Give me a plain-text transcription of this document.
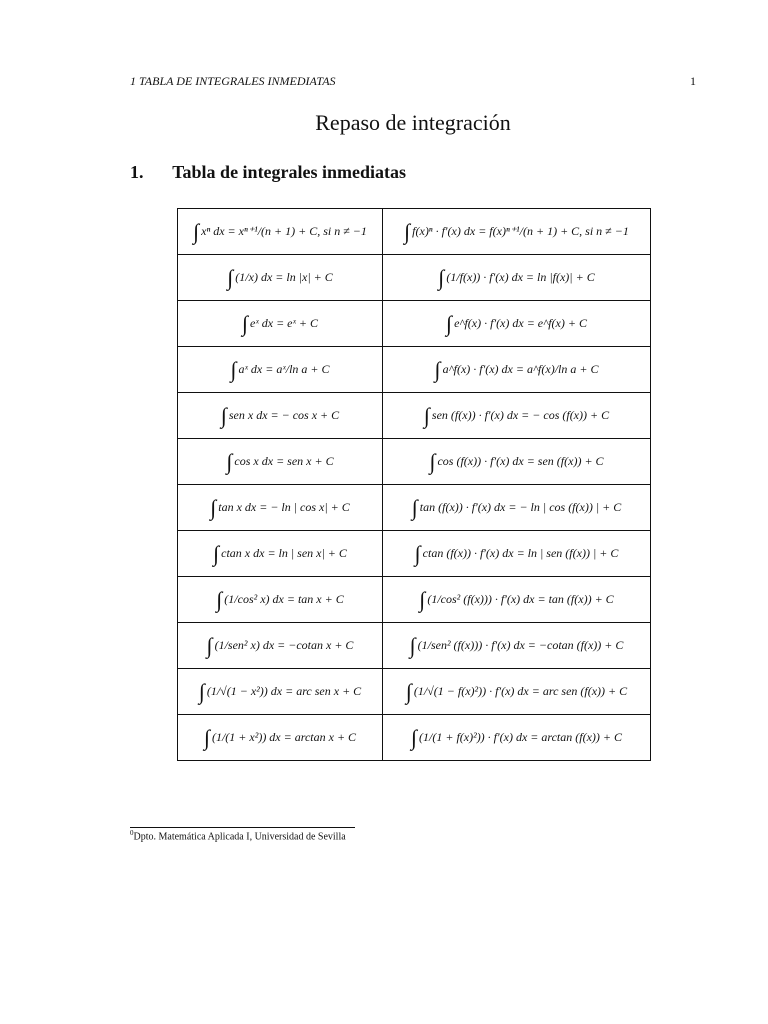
1 TABLA DE INTEGRALES INMEDIATAS	1
Repaso de integración
1. Tabla de integrales inmediatas
∫ xⁿ dx = xⁿ⁺¹/(n + 1) + C, si n ≠ −1	∫ f(x)ⁿ · f′(x) dx = f(x)ⁿ⁺¹/(n + 1) + C, si n ≠ −1
∫ (1/x) dx = ln |x| + C	∫ (1/f(x)) · f′(x) dx = ln |f(x)| + C
∫ eˣ dx = eˣ + C	∫ e^f(x) · f′(x) dx = e^f(x) + C
∫ aˣ dx = aˣ/ln a + C	∫ a^f(x) · f′(x) dx = a^f(x)/ln a + C
∫ sen x dx = − cos x + C	∫ sen (f(x)) · f′(x) dx = − cos (f(x)) + C
∫ cos x dx = sen x + C	∫ cos (f(x)) · f′(x) dx = sen (f(x)) + C
∫ tan x dx = − ln | cos x| + C	∫ tan (f(x)) · f′(x) dx = − ln | cos (f(x)) | + C
∫ ctan x dx = ln | sen x| + C	∫ ctan (f(x)) · f′(x) dx = ln | sen (f(x)) | + C
∫ (1/cos² x) dx = tan x + C	∫ (1/cos² (f(x))) · f′(x) dx = tan (f(x)) + C
∫ (1/sen² x) dx = −cotan x + C	∫ (1/sen² (f(x))) · f′(x) dx = −cotan (f(x)) + C
∫ (1/√(1 − x²)) dx = arc sen x + C	∫ (1/√(1 − f(x)²)) · f′(x) dx = arc sen (f(x)) + C
∫ (1/(1 + x²)) dx = arctan x + C	∫ (1/(1 + f(x)²)) · f′(x) dx = arctan (f(x)) + C
$^0$Dpto. Matemática Aplicada I, Universidad de Sevilla
